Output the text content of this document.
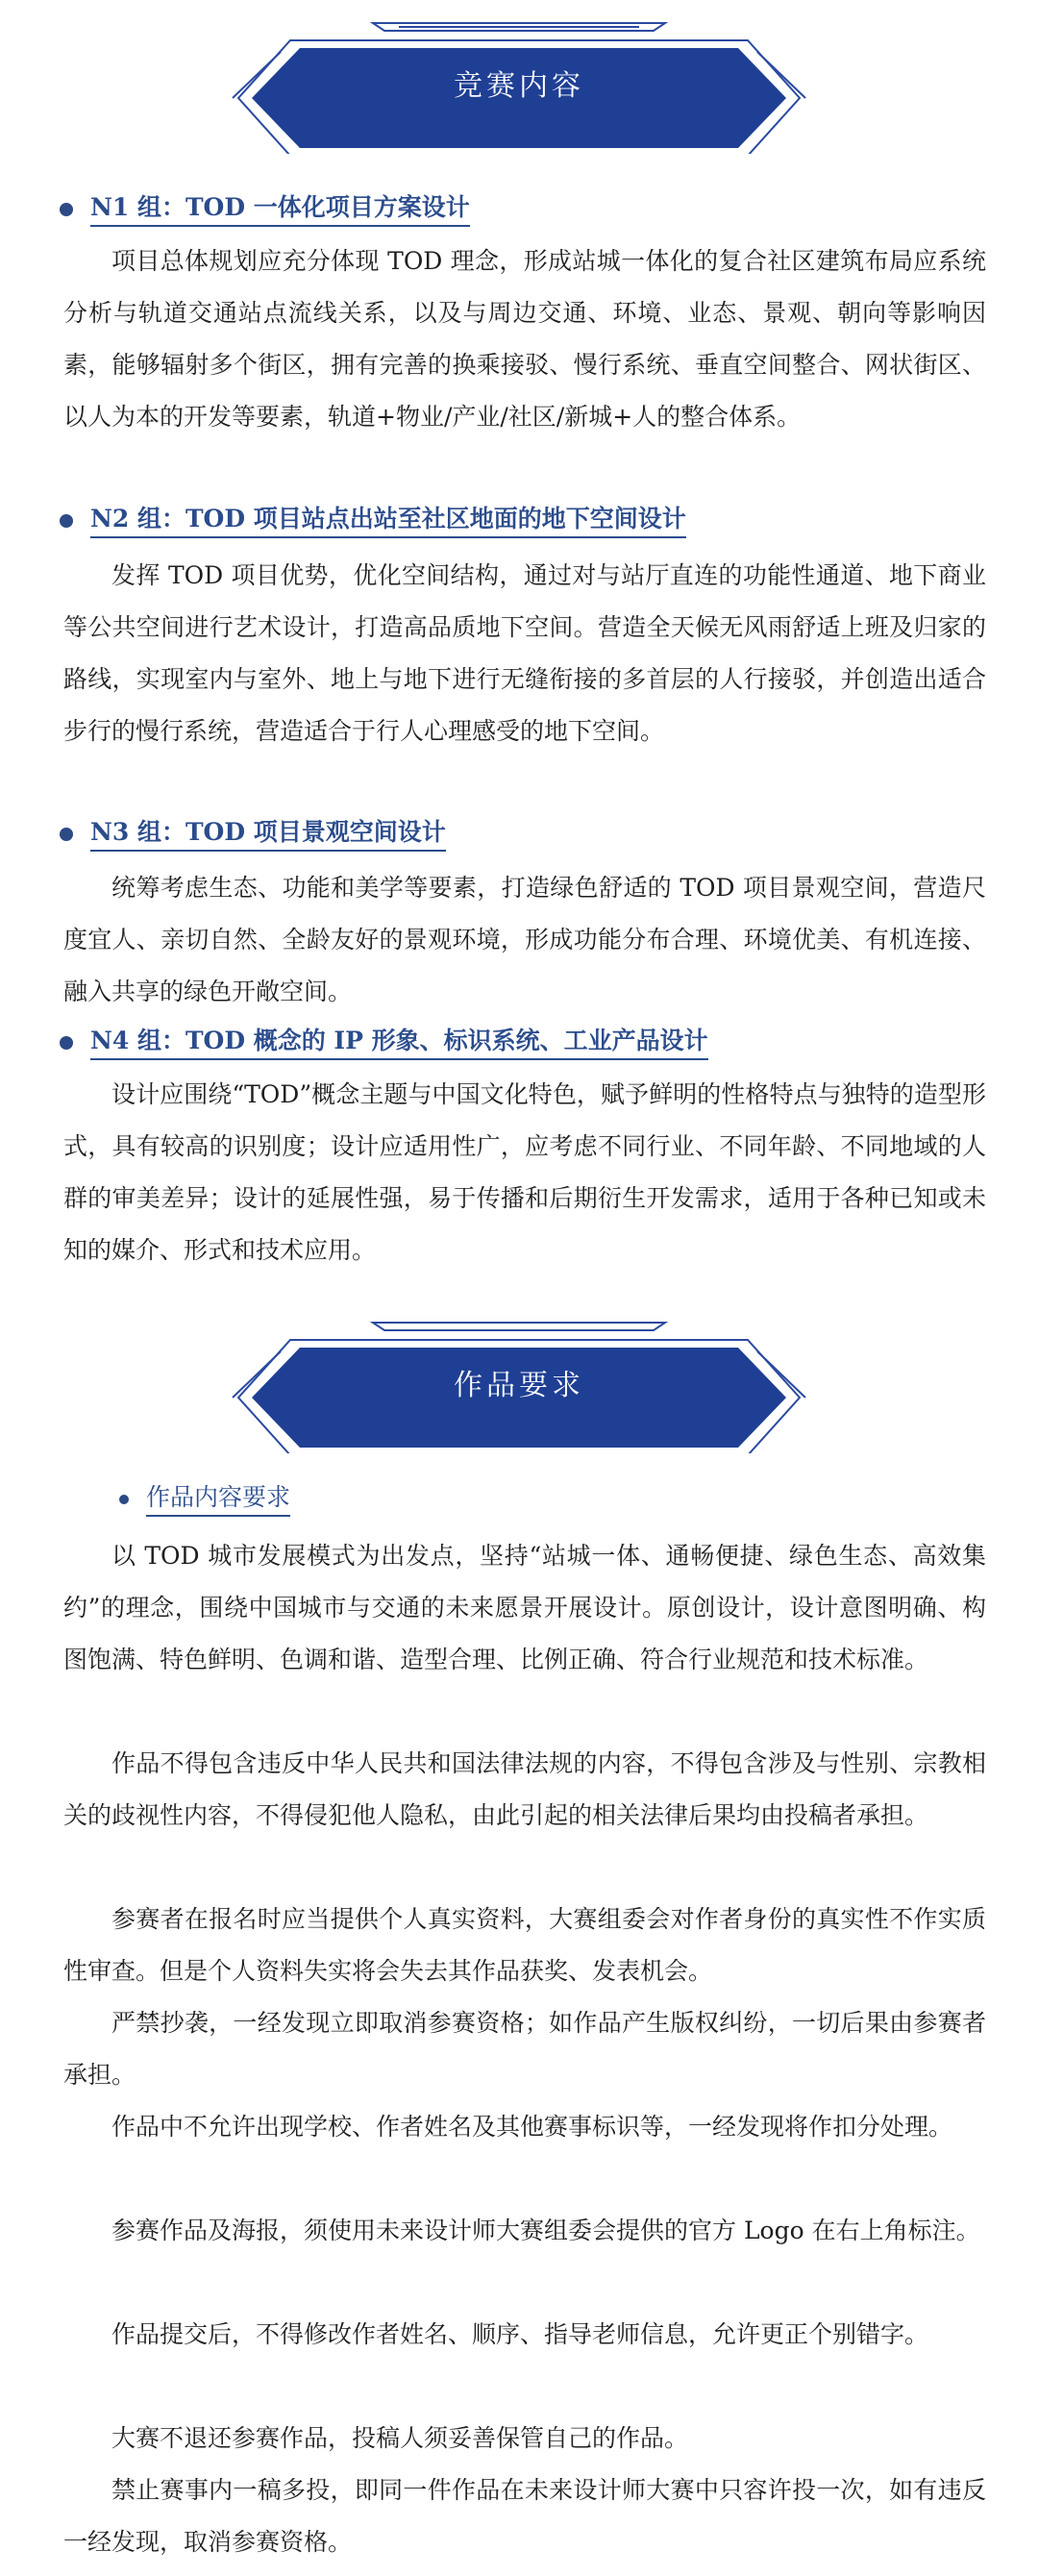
竞赛内容
N1 组：TOD 一体化项目方案设计

项目总体规划应充分体现 TOD 理念，形成站城一体化的复合社区建筑布局应系统分析与轨道交通站点流线关系，以及与周边交通、环境、业态、景观、朝向等影响因素，能够辐射多个街区，拥有完善的换乘接驳、慢行系统、垂直空间整合、网状街区、以人为本的开发等要素，轨道+物业/产业/社区/新城+人的整合体系。

N2 组：TOD 项目站点出站至社区地面的地下空间设计

发挥 TOD 项目优势，优化空间结构，通过对与站厅直连的功能性通道、地下商业等公共空间进行艺术设计，打造高品质地下空间。营造全天候无风雨舒适上班及归家的路线，实现室内与室外、地上与地下进行无缝衔接的多首层的人行接驳，并创造出适合步行的慢行系统，营造适合于行人心理感受的地下空间。

N3 组：TOD 项目景观空间设计

统筹考虑生态、功能和美学等要素，打造绿色舒适的 TOD 项目景观空间，营造尺度宜人、亲切自然、全龄友好的景观环境，形成功能分布合理、环境优美、有机连接、融入共享的绿色开敞空间。

N4 组：TOD 概念的 IP 形象、标识系统、工业产品设计

设计应围绕“TOD”概念主题与中国文化特色，赋予鲜明的性格特点与独特的造型形式，具有较高的识别度；设计应适用性广，应考虑不同行业、不同年龄、不同地域的人群的审美差异；设计的延展性强，易于传播和后期衍生开发需求，适用于各种已知或未知的媒介、形式和技术应用。

作品要求
作品内容要求

以 TOD 城市发展模式为出发点，坚持“站城一体、通畅便捷、绿色生态、高效集约”的理念，围绕中国城市与交通的未来愿景开展设计。原创设计，设计意图明确、构图饱满、特色鲜明、色调和谐、造型合理、比例正确、符合行业规范和技术标准。

作品不得包含违反中华人民共和国法律法规的内容，不得包含涉及与性别、宗教相关的歧视性内容，不得侵犯他人隐私，由此引起的相关法律后果均由投稿者承担。

参赛者在报名时应当提供个人真实资料，大赛组委会对作者身份的真实性不作实质性审查。但是个人资料失实将会失去其作品获奖、发表机会。

严禁抄袭，一经发现立即取消参赛资格；如作品产生版权纠纷，一切后果由参赛者承担。

作品中不允许出现学校、作者姓名及其他赛事标识等，一经发现将作扣分处理。

参赛作品及海报，须使用未来设计师大赛组委会提供的官方 Logo 在右上角标注。

作品提交后，不得修改作者姓名、顺序、指导老师信息，允许更正个别错字。

大赛不退还参赛作品，投稿人须妥善保管自己的作品。

禁止赛事内一稿多投，即同一件作品在未来设计师大赛中只容许投一次，如有违反一经发现，取消参赛资格。
